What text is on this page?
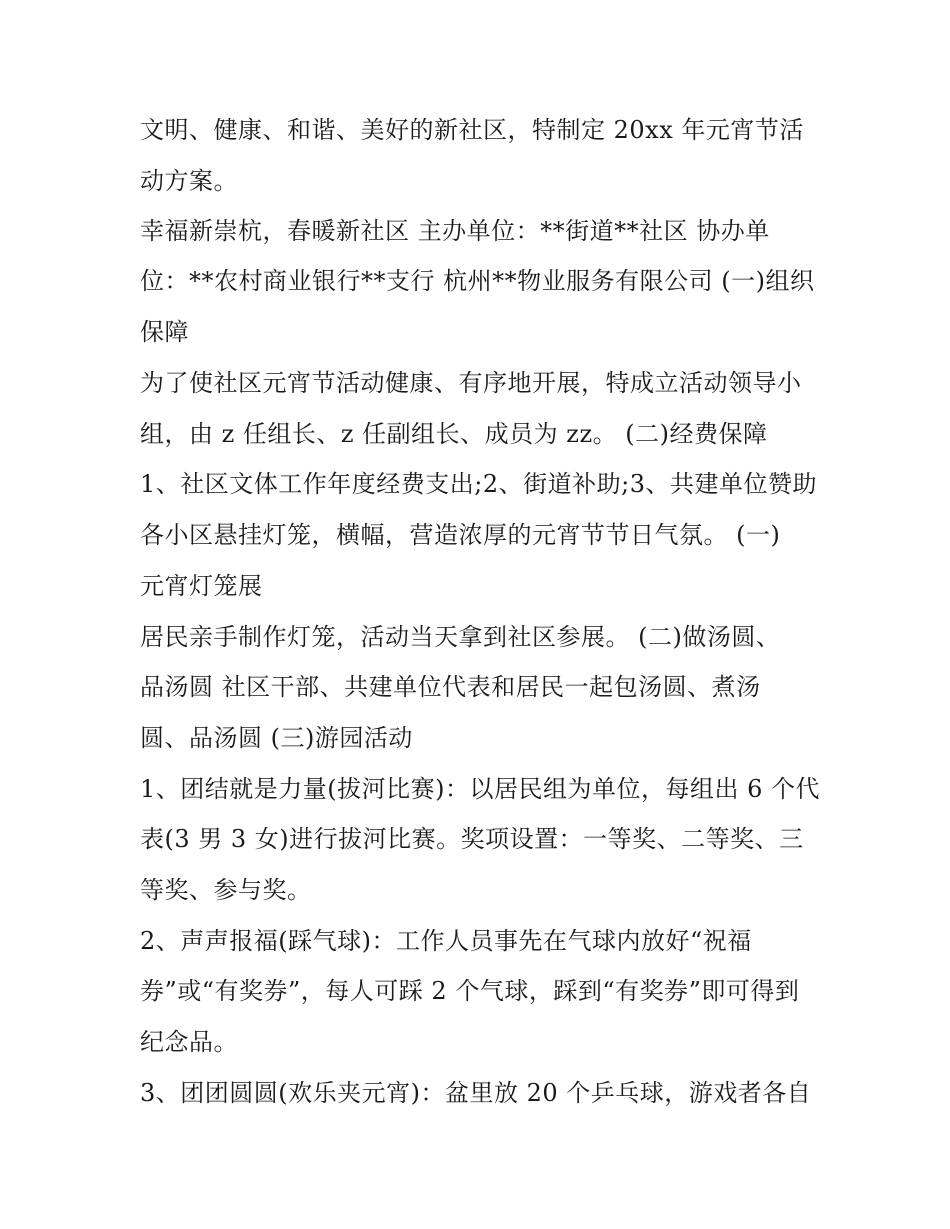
文明、健康、和谐、美好的新社区，特制定 20xx 年元宵节活
动方案。
幸福新崇杭，春暖新社区 主办单位：**街道**社区 协办单
位：**农村商业银行**支行 杭州**物业服务有限公司 (一)组织
保障
为了使社区元宵节活动健康、有序地开展，特成立活动领导小
组，由 z 任组长、z 任副组长、成员为 zz。 (二)经费保障
1、社区文体工作年度经费支出;2、街道补助;3、共建单位赞助
各小区悬挂灯笼，横幅，营造浓厚的元宵节节日气氛。 (一)
元宵灯笼展
居民亲手制作灯笼，活动当天拿到社区参展。 (二)做汤圆、
品汤圆 社区干部、共建单位代表和居民一起包汤圆、煮汤
圆、品汤圆 (三)游园活动
1、团结就是力量(拔河比赛)：以居民组为单位，每组出 6 个代
表(3 男 3 女)进行拔河比赛。奖项设置：一等奖、二等奖、三
等奖、参与奖。
2、声声报福(踩气球)：工作人员事先在气球内放好“祝福
券”或“有奖券”，每人可踩 2 个气球，踩到“有奖券”即可得到
纪念品。
3、团团圆圆(欢乐夹元宵)：盆里放 20 个乒乓球，游戏者各自
